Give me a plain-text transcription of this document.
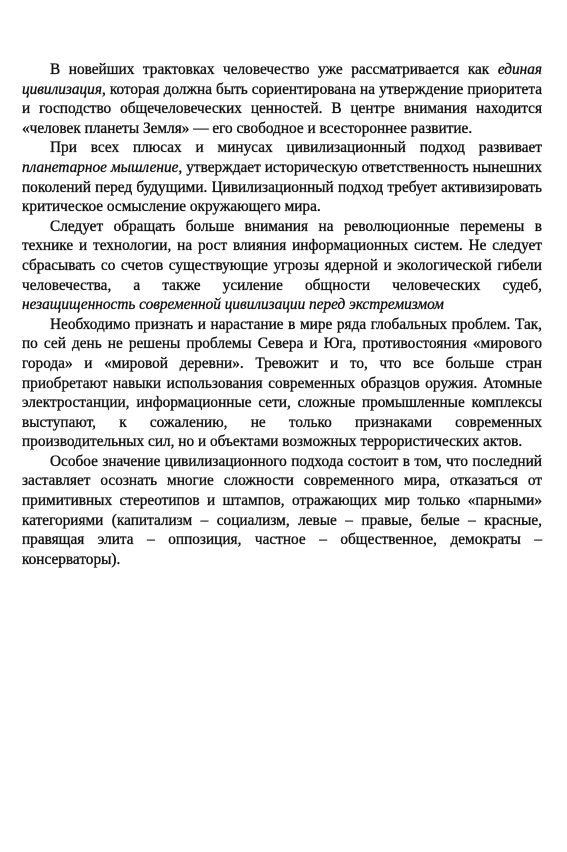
В новейших трактовках человечество уже рассматривается как единая цивилизация, которая должна быть сориентирована на утверждение приоритета и господство общечеловеческих ценностей. В центре внимания находится «человек планеты Земля» — его свободное и всестороннее развитие.

При всех плюсах и минусах цивилизационный подход развивает планетарное мышление, утверждает историческую ответственность нынешних поколений перед будущими. Цивилизационный подход требует активизировать критическое осмысление окружающего мира.

Следует обращать больше внимания на революционные перемены в технике и технологии, на рост влияния информационных систем. Не следует сбрасывать со счетов существующие угрозы ядерной и экологической гибели человечества, а также усиление общности человеческих судеб, незащищенность современной цивилизации перед экстремизмом

Необходимо признать и нарастание в мире ряда глобальных проблем. Так, по сей день не решены проблемы Севера и Юга, противостояния «мирового города» и «мировой деревни». Тревожит и то, что все больше стран приобретают навыки использования современных образцов оружия. Атомные электростанции, информационные сети, сложные промышленные комплексы выступают, к сожалению, не только признаками современных производительных сил, но и объектами возможных террористических актов.

Особое значение цивилизационного подхода состоит в том, что последний заставляет осознать многие сложности современного мира, отказаться от примитивных стереотипов и штампов, отражающих мир только «парными» категориями (капитализм – социализм, левые – правые, белые – красные, правящая элита – оппозиция, частное – общественное, демократы – консерваторы).
